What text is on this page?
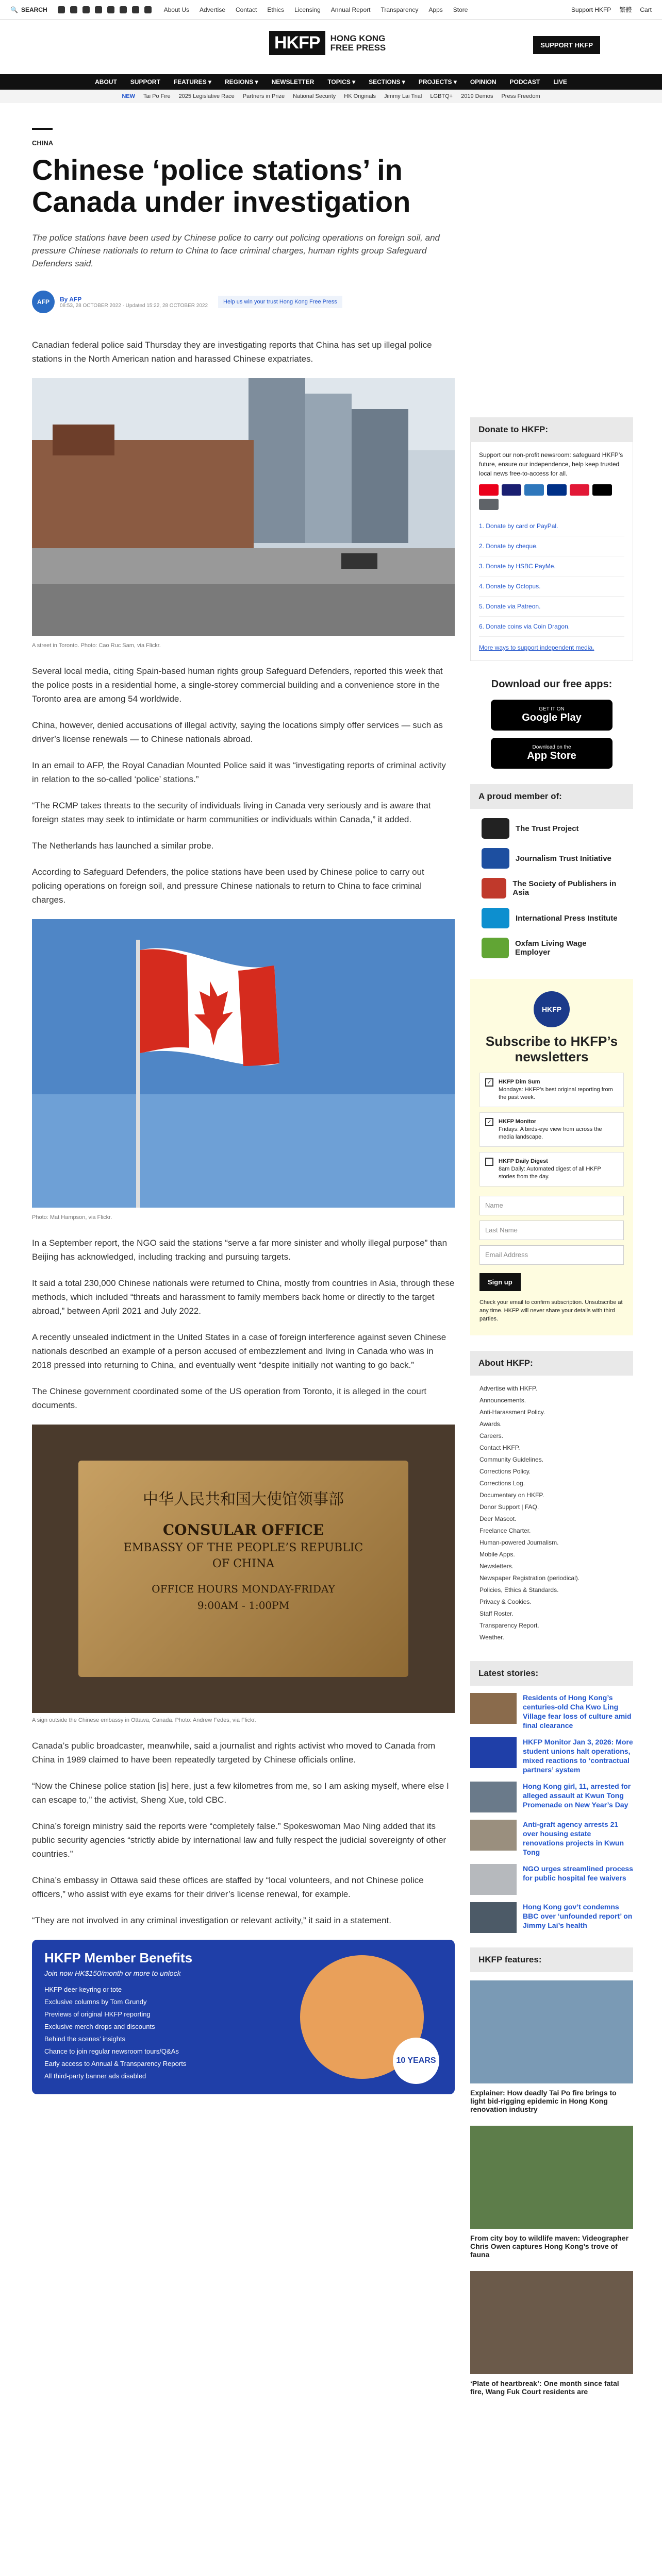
🔍 SEARCH	About Us Advertise Contact Ethics Licensing Annual Report Transparency Apps Store	Support HKFP 繁體 Cart
HKFP	HONG KONG
FREE PRESS	SUPPORT HKFP
ABOUT SUPPORT FEATURES ▾ REGIONS ▾ NEWSLETTER TOPICS ▾ SECTIONS ▾ PROJECTS ▾ OPINION PODCAST LIVE
NEW Tai Po Fire 2025 Legislative Race Partners in Prize National Security HK Originals Jimmy Lai Trial LGBTQ+ 2019 Demos Press Freedom
CHINA
Chinese ‘police stations’ in Canada under investigation
The police stations have been used by Chinese police to carry out policing operations on foreign soil, and pressure Chinese nationals to return to China to face criminal charges, human rights group Safeguard Defenders said.
AFP	By AFP
08:53, 28 OCTOBER 2022 · Updated 15:22, 28 OCTOBER 2022
Help us win your trust Hong Kong Free Press

Canadian federal police said Thursday they are investigating reports that China has set up illegal police stations in the North American nation and harassed Chinese expatriates.

A street in Toronto. Photo: Cao Ruc Sam, via Flickr.

Several local media, citing Spain-based human rights group Safeguard Defenders, reported this week that the police posts in a residential home, a single-storey commercial building and a convenience store in the Toronto area are among 54 worldwide.

China, however, denied accusations of illegal activity, saying the locations simply offer services — such as driver’s license renewals — to Chinese nationals abroad.

In an email to AFP, the Royal Canadian Mounted Police said it was “investigating reports of criminal activity in relation to the so-called ‘police’ stations.”

“The RCMP takes threats to the security of individuals living in Canada very seriously and is aware that foreign states may seek to intimidate or harm communities or individuals within Canada,” it added.

The Netherlands has launched a similar probe.

According to Safeguard Defenders, the police stations have been used by Chinese police to carry out policing operations on foreign soil, and pressure Chinese nationals to return to China to face criminal charges.

Photo: Mat Hampson, via Flickr.

In a September report, the NGO said the stations “serve a far more sinister and wholly illegal purpose” than Beijing has acknowledged, including tracking and pursuing targets.

It said a total 230,000 Chinese nationals were returned to China, mostly from countries in Asia, through these methods, which included “threats and harassment to family members back home or directly to the target abroad,” between April 2021 and July 2022.

A recently unsealed indictment in the United States in a case of foreign interference against seven Chinese nationals described an example of a person accused of embezzlement and living in Canada who was in 2018 pressed into returning to China, and eventually went “despite initially not wanting to go back.”

The Chinese government coordinated some of the US operation from Toronto, it is alleged in the court documents.

中华人民共和国大使馆领事部
CONSULAR OFFICE
EMBASSY OF THE PEOPLE’S REPUBLIC
OF CHINA
OFFICE HOURS MONDAY-FRIDAY
9:00AM - 1:00PM
A sign outside the Chinese embassy in Ottawa, Canada. Photo: Andrew Fedes, via Flickr.

Canada’s public broadcaster, meanwhile, said a journalist and rights activist who moved to Canada from China in 1989 claimed to have been repeatedly targeted by Chinese officials online.

“Now the Chinese police station [is] here, just a few kilometres from me, so I am asking myself, where else I can escape to,” the activist, Sheng Xue, told CBC.

China’s foreign ministry said the reports were “completely false.” Spokeswoman Mao Ning added that its public security agencies “strictly abide by international law and fully respect the judicial sovereignty of other countries.”

China’s embassy in Ottawa said these offices are staffed by “local volunteers, and not Chinese police officers,” who assist with eye exams for their driver’s license renewal, for example.

“They are not involved in any criminal investigation or relevant activity,” it said in a statement.

HKFP Member Benefits
Join now HK$150/month or more to unlock
HKFP deer keyring or tote
Exclusive columns by Tom Grundy
Previews of original HKFP reporting
Exclusive merch drops and discounts
Behind the scenes’ insights
Chance to join regular newsroom tours/Q&As
Early access to Annual & Transparency Reports
All third-party banner ads disabled
10 YEARS
Donate to HKFP:
Support our non-profit newsroom: safeguard HKFP’s future, ensure our independence, help keep trusted local news free-to-access for all.
1. Donate by card or PayPal.
2. Donate by cheque.
3. Donate by HSBC PayMe.
4. Donate by Octopus.
5. Donate via Patreon.
6. Donate coins via Coin Dragon.
More ways to support independent media.
Download our free apps:
GET IT ON
Google Play
Download on the
App Store
A proud member of:
The Trust Project
Journalism Trust Initiative
The Society of Publishers in Asia
International Press Institute
Oxfam Living Wage Employer
HKFP
Subscribe to HKFP’s newsletters
✓	HKFP Dim Sum
Mondays: HKFP’s best original reporting from the past week.
✓	HKFP Monitor
Fridays: A birds-eye view from across the media landscape.
HKFP Daily Digest
8am Daily: Automated digest of all HKFP stories from the day.
Name
Last Name
Email Address
Sign up
Check your email to confirm subscription. Unsubscribe at any time. HKFP will never share your details with third parties.
About HKFP:
Advertise with HKFP.
Announcements.
Anti-Harassment Policy.
Awards.
Careers.
Contact HKFP.
Community Guidelines.
Corrections Policy.
Corrections Log.
Documentary on HKFP.
Donor Support | FAQ.
Deer Mascot.
Freelance Charter.
Human-powered Journalism.
Mobile Apps.
Newsletters.
Newspaper Registration (periodical).
Policies, Ethics & Standards.
Privacy & Cookies.
Staff Roster.
Transparency Report.
Weather.
Latest stories:

Residents of Hong Kong’s centuries-old Cha Kwo Ling Village fear loss of culture amid final clearance

HKFP Monitor Jan 3, 2026: More student unions halt operations, mixed reactions to ‘contractual partners’ system

Hong Kong girl, 11, arrested for alleged assault at Kwun Tong Promenade on New Year’s Day

Anti-graft agency arrests 21 over housing estate renovations projects in Kwun Tong

NGO urges streamlined process for public hospital fee waivers

Hong Kong gov’t condemns BBC over ‘unfounded report’ on Jimmy Lai’s health

HKFP features:

Explainer: How deadly Tai Po fire brings to light bid-rigging epidemic in Hong Kong renovation industry

From city boy to wildlife maven: Videographer Chris Owen captures Hong Kong’s trove of fauna

‘Plate of heartbreak’: One month since fatal fire, Wang Fuk Court residents are
